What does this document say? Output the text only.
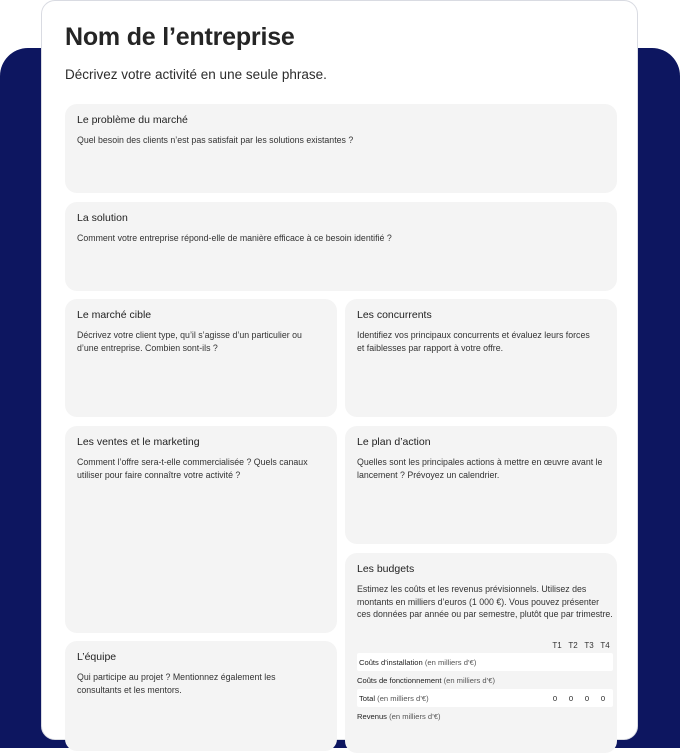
Nom de l’entreprise

Décrivez votre activité en une seule phrase.

Le problème du marché

Quel besoin des clients n’est pas satisfait par les solutions existantes ?

La solution

Comment votre entreprise répond-elle de manière efficace à ce besoin identifié ?

Le marché cible

Décrivez votre client type, qu’il s’agisse d’un particulier ou d’une entreprise. Combien sont-ils ?

Les concurrents

Identifiez vos principaux concurrents et évaluez leurs forces et faiblesses par rapport à votre offre.

Les ventes et le marketing

Comment l’offre sera-t-elle commercialisée ? Quels canaux utiliser pour faire connaître votre activité ?

Le plan d’action

Quelles sont les principales actions à mettre en œuvre avant le lancement ? Prévoyez un calendrier.

Les budgets

Estimez les coûts et les revenus prévisionnels. Utilisez des montants en milliers d’euros (1 000 €). Vous pouvez présenter ces données par année ou par semestre, plutôt que par trimestre.

T1 T2 T3 T4
Coûts d’installation (en milliers d’€)
Coûts de fonctionnement (en milliers d’€)
Total (en milliers d’€)	0	0	0	0
Revenus (en milliers d’€)
L’équipe

Qui participe au projet ? Mentionnez également les consultants et les mentors.
